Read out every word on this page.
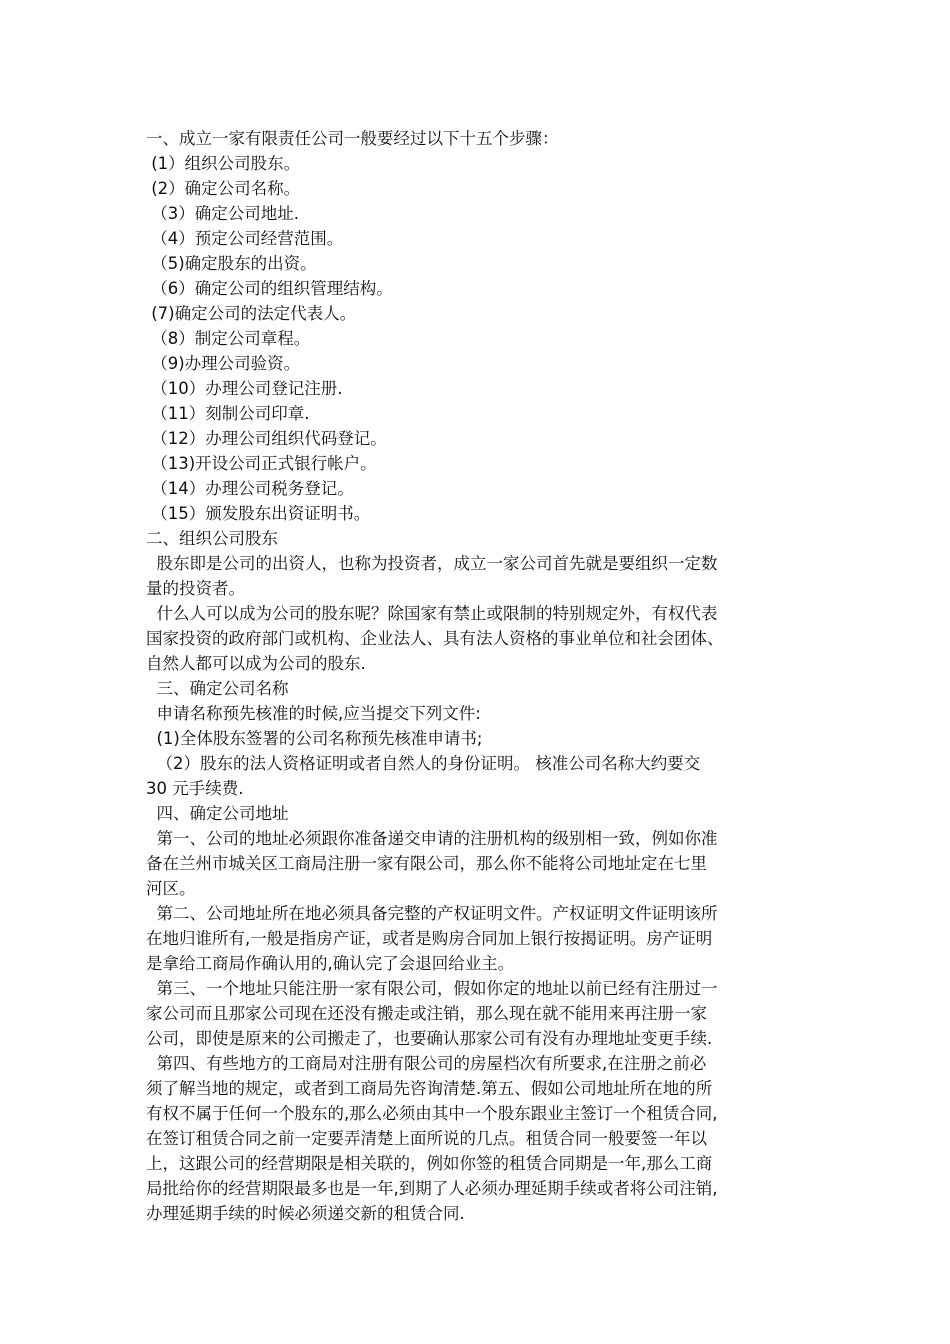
一、成立一家有限责任公司一般要经过以下十五个步骤：
(1）组织公司股东。
(2）确定公司名称。
（3）确定公司地址.
（4）预定公司经营范围。
（5)确定股东的出资。
（6）确定公司的组织管理结构。
(7)确定公司的法定代表人。
（8）制定公司章程。
（9)办理公司验资。
（10）办理公司登记注册.
（11）刻制公司印章.
（12）办理公司组织代码登记。
（13)开设公司正式银行帐户。
（14）办理公司税务登记。
（15）颁发股东出资证明书。
二、组织公司股东
股东即是公司的出资人，也称为投资者，成立一家公司首先就是要组织一定数
量的投资者。
什么人可以成为公司的股东呢？除国家有禁止或限制的特别规定外，有权代表
国家投资的政府部门或机构、企业法人、具有法人资格的事业单位和社会团体、
自然人都可以成为公司的股东.
三、确定公司名称
申请名称预先核准的时候,应当提交下列文件:
(1)全体股东签署的公司名称预先核准申请书;
（2）股东的法人资格证明或者自然人的身份证明。 核准公司名称大约要交
30 元手续费.
四、确定公司地址
第一、公司的地址必须跟你准备递交申请的注册机构的级别相一致，例如你准
备在兰州市城关区工商局注册一家有限公司，那么你不能将公司地址定在七里
河区。
第二、公司地址所在地必须具备完整的产权证明文件。产权证明文件证明该所
在地归谁所有,一般是指房产证，或者是购房合同加上银行按揭证明。房产证明
是拿给工商局作确认用的,确认完了会退回给业主。
第三、一个地址只能注册一家有限公司，假如你定的地址以前已经有注册过一
家公司而且那家公司现在还没有搬走或注销，那么现在就不能用来再注册一家
公司，即使是原来的公司搬走了，也要确认那家公司有没有办理地址变更手续.
第四、有些地方的工商局对注册有限公司的房屋档次有所要求,在注册之前必
须了解当地的规定，或者到工商局先咨询清楚.第五、假如公司地址所在地的所
有权不属于任何一个股东的,那么必须由其中一个股东跟业主签订一个租赁合同,
在签订租赁合同之前一定要弄清楚上面所说的几点。租赁合同一般要签一年以
上，这跟公司的经营期限是相关联的，例如你签的租赁合同期是一年,那么工商
局批给你的经营期限最多也是一年,到期了人必须办理延期手续或者将公司注销,
办理延期手续的时候必须递交新的租赁合同.
